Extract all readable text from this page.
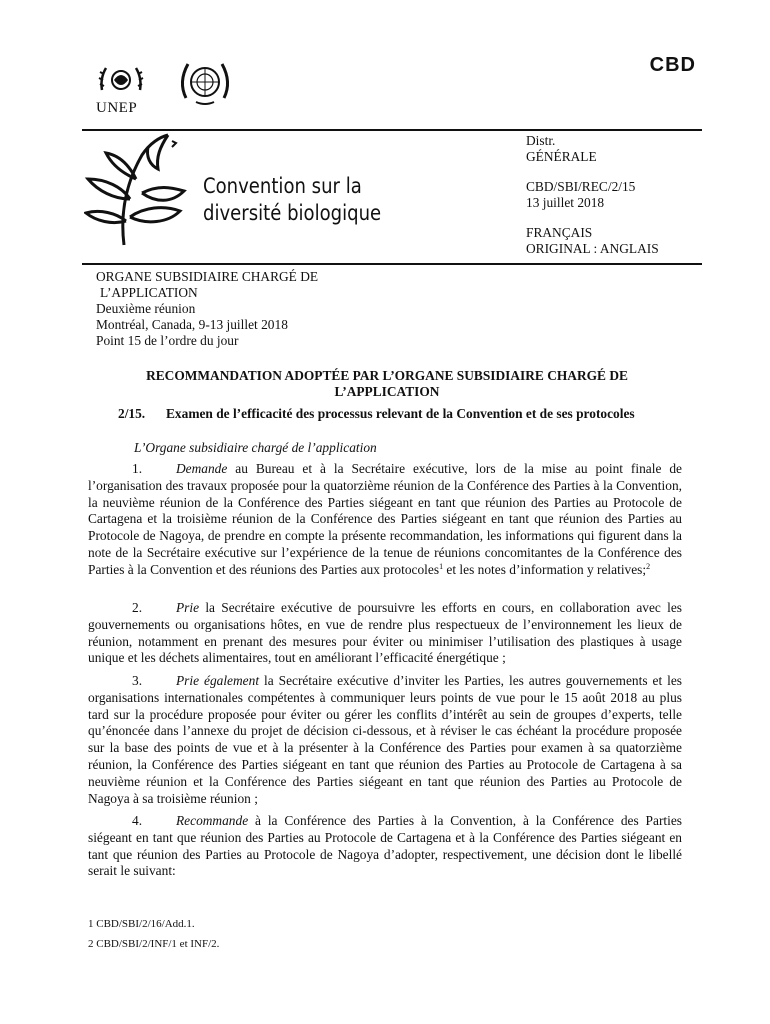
CBD
UNEP
Convention sur la
diversité biologique
Distr.
GÉNÉRALE
CBD/SBI/REC/2/15
13 juillet 2018
FRANÇAIS
ORIGINAL : ANGLAIS
ORGANE SUBSIDIAIRE CHARGÉ DE
L’APPLICATION
Deuxième réunion
Montréal, Canada, 9-13 juillet 2018
Point 15 de l’ordre du jour
RECOMMANDATION ADOPTÉE PAR L’ORGANE SUBSIDIAIRE CHARGÉ DE
L’APPLICATION
2/15. Examen de l’efficacité des processus relevant de la Convention et de ses protocoles
L’Organe subsidiaire chargé de l’application
1.	Demande au Bureau et à la Secrétaire exécutive, lors de la mise au point finale de l’organisation des travaux proposée pour la quatorzième réunion de la Conférence des Parties à la Convention, la neuvième réunion de la Conférence des Parties siégeant en tant que réunion des Parties au Protocole de Cartagena et la troisième réunion de la Conférence des Parties siégeant en tant que réunion des Parties au Protocole de Nagoya, de prendre en compte la présente recommandation, les informations qui figurent dans la note de la Secrétaire exécutive sur l’expérience de la tenue de réunions concomitantes de la Conférence des Parties à la Convention et des réunions des Parties aux protocoles$^1$ et les notes d’information y relatives;$^2$
2.	Prie la Secrétaire exécutive de poursuivre les efforts en cours, en collaboration avec les gouvernements ou organisations hôtes, en vue de rendre plus respectueux de l’environnement les lieux de réunion, notamment en prenant des mesures pour éviter ou minimiser l’utilisation des plastiques à usage unique et les déchets alimentaires, tout en améliorant l’efficacité énergétique ;
3.	Prie également la Secrétaire exécutive d’inviter les Parties, les autres gouvernements et les organisations internationales compétentes à communiquer leurs points de vue pour le 15 août 2018 au plus tard sur la procédure proposée pour éviter ou gérer les conflits d’intérêt au sein de groupes d’experts, telle qu’énoncée dans l’annexe du projet de décision ci-dessous, et à réviser le cas échéant la procédure proposée sur la base des points de vue et à la présenter à la Conférence des Parties pour examen à sa quatorzième réunion, la Conférence des Parties siégeant en tant que réunion des Parties au Protocole de Cartagena à sa neuvième réunion et la Conférence des Parties siégeant en tant que réunion des Parties au Protocole de Nagoya à sa troisième réunion ;
4.	Recommande à la Conférence des Parties à la Convention, à la Conférence des Parties siégeant en tant que réunion des Parties au Protocole de Cartagena et à la Conférence des Parties siégeant en tant que réunion des Parties au Protocole de Nagoya d’adopter, respectivement, une décision dont le libellé serait le suivant:
1 CBD/SBI/2/16/Add.1.
2 CBD/SBI/2/INF/1 et INF/2.
